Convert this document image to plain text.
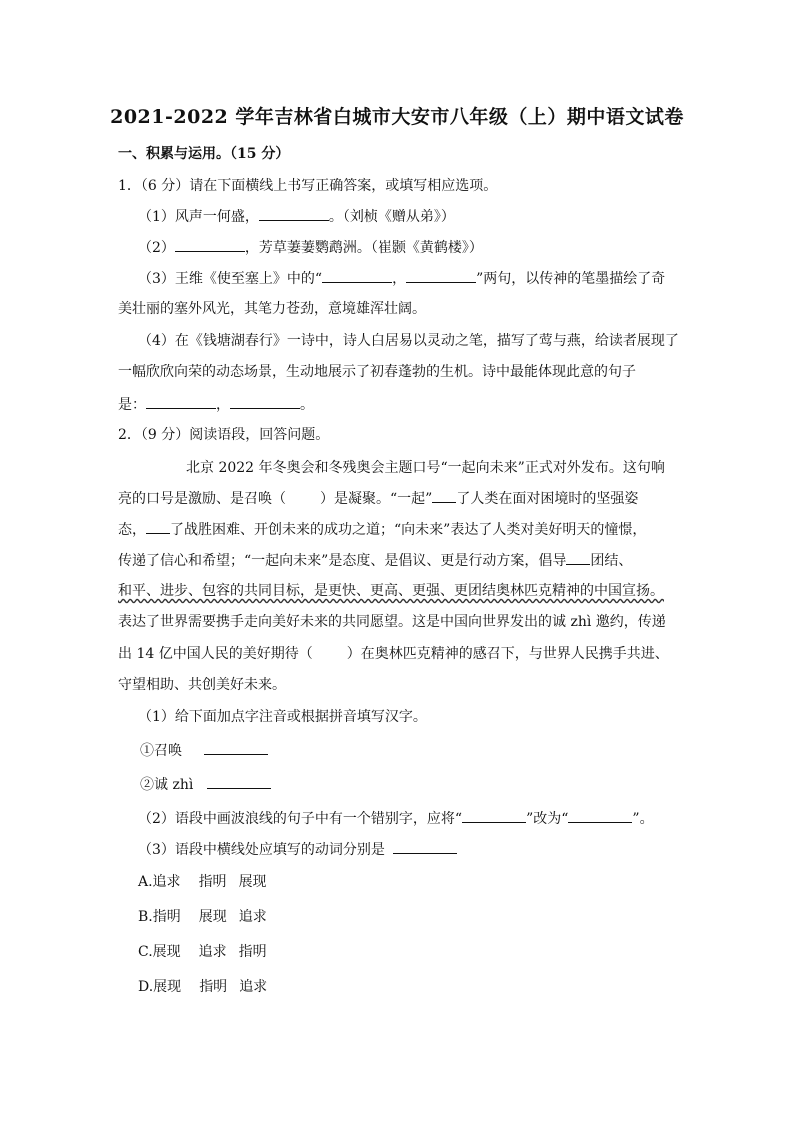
2021-2022 学年吉林省白城市大安市八年级（上）期中语文试卷
一、积累与运用。（15 分）
1．（6 分）请在下面横线上书写正确答案，或填写相应选项。
（1）风声一何盛，	。（刘桢《赠从弟》）
（2）	，芳草萋萋鹦鹉洲。（崔颢《黄鹤楼》）
（3）王维《使至塞上》中的“	，	”两句，以传神的笔墨描绘了奇
美壮丽的塞外风光，其笔力苍劲，意境雄浑壮阔。
（4）在《钱塘湖春行》一诗中，诗人白居易以灵动之笔，描写了莺与燕，给读者展现了
一幅欣欣向荣的动态场景，生动地展示了初春蓬勃的生机。诗中最能体现此意的句子
是：	，	。
2．（9 分）阅读语段，回答问题。
北京 2022 年冬奥会和冬残奥会主题口号“一起向未来”正式对外发布。这句响
亮的口号是激励、是召唤（ ）是凝聚。“一起” 了人类在面对困境时的坚强姿
态， 了战胜困难、开创未来的成功之道；“向未来”表达了人类对美好明天的憧憬，
传递了信心和希望；“一起向未来”是态度、是倡议、更是行动方案，倡导 团结、
和平、进步、包容的共同目标，是更快、更高、更强、更团结奥林匹克精神的中国宣扬。
表达了世界需要携手走向美好未来的共同愿望。这是中国向世界发出的诚 zhì 邀约，传递
出 14 亿中国人民的美好期待（ ）在奥林匹克精神的感召下，与世界人民携手共进、
守望相助、共创美好未来。
（1）给下面加点字注音或根据拼音填写汉字。
①召唤
②诚 zhì
（2）语段中画波浪线的句子中有一个错别字，应将“	”改为“	”。
（3）语段中横线处应填写的动词分别是
A.追求 指明 展现
B.指明 展现 追求
C.展现 追求 指明
D.展现 指明 追求
